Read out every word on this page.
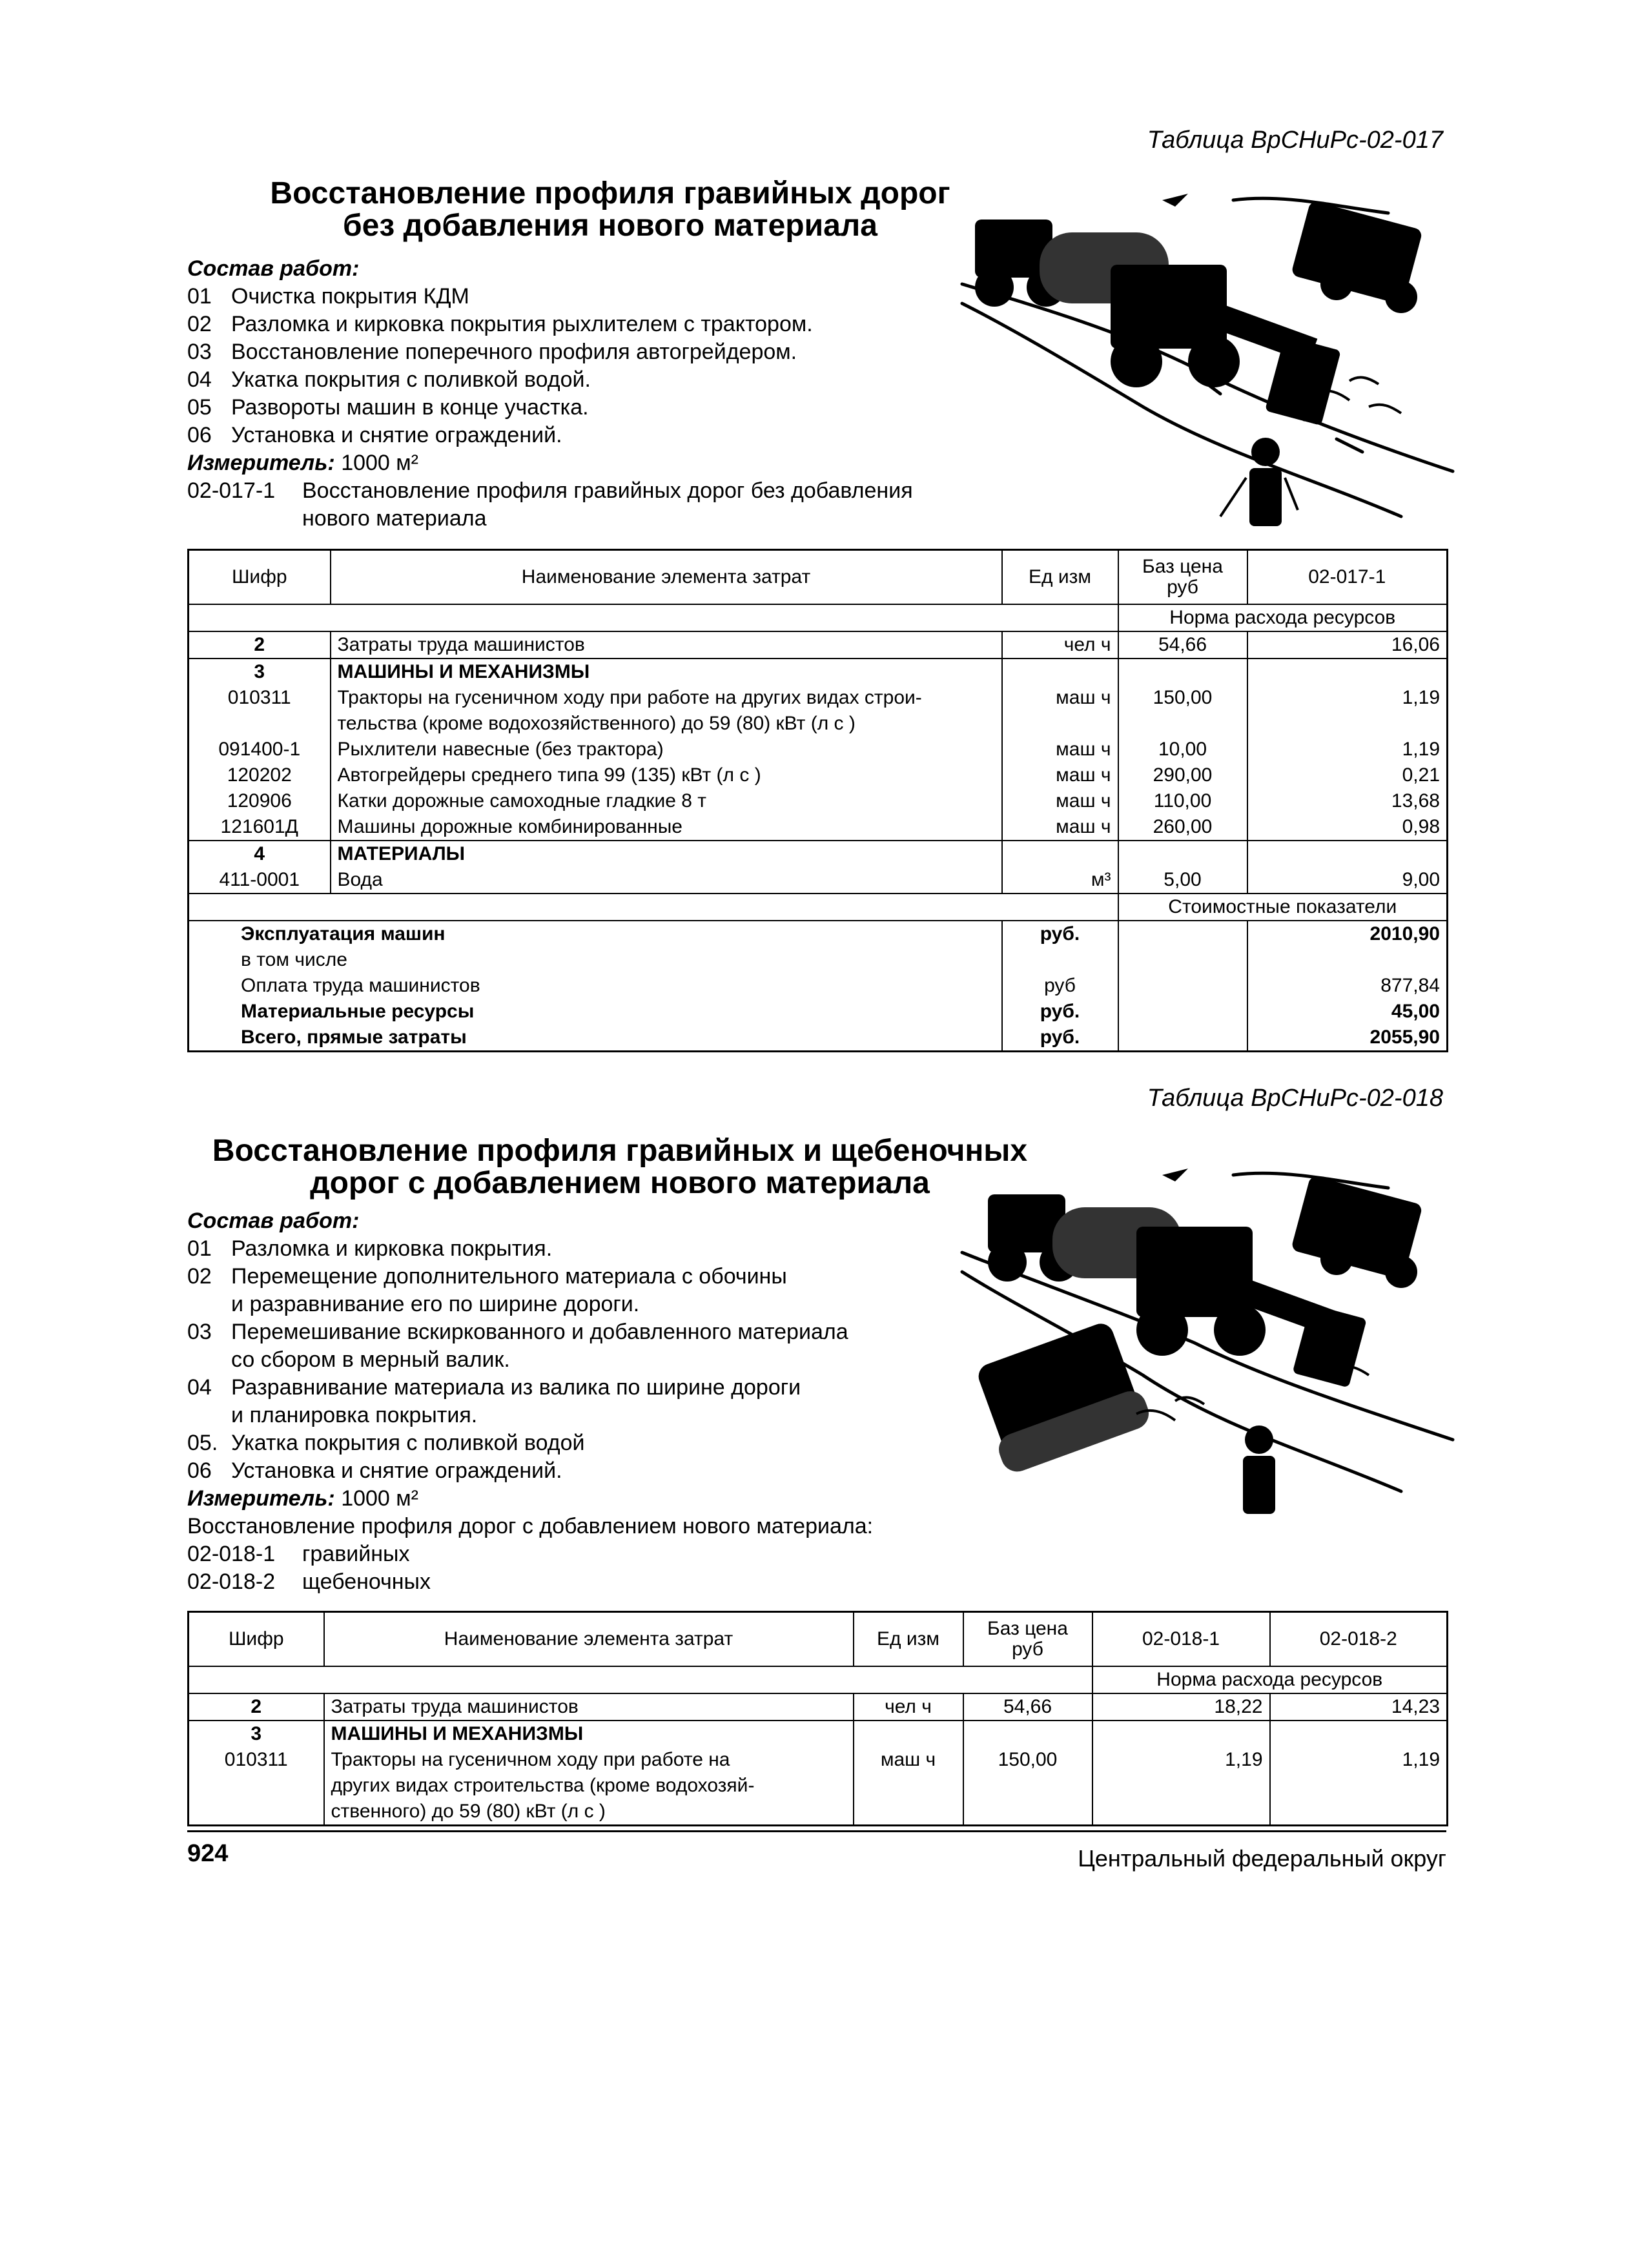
Таблица ВрСНиРс-02-017
Восстановление профиля гравийных дорог
без добавления нового материала
Состав работ:
01 Очистка покрытия КДМ
02 Разломка и кирковка покрытия рыхлителем с трактором.
03 Восстановление поперечного профиля автогрейдером.
04 Укатка покрытия с поливкой водой.
05 Развороты машин в конце участка.
06 Установка и снятие ограждений.
Измеритель: 1000 м²
02-017-1 Восстановление профиля гравийных дорог без добавления
нового материала
Шифр	Наименование элемента затрат	Ед изм	Баз цена руб	02-017-1
			Норма расхода ресурсов	
2	Затраты труда машинистов	чел ч	54,66	16,06
3	МАШИНЫ И МЕХАНИЗМЫ			
010311	Тракторы на гусеничном ходу при работе на других видах строи-	маш ч	150,00	1,19
	тельства (кроме водохозяйственного) до 59 (80) кВт (л с )			
091400-1	Рыхлители навесные (без трактора)	маш ч	10,00	1,19
120202	Автогрейдеры среднего типа 99 (135) кВт (л с )	маш ч	290,00	0,21
120906	Катки дорожные самоходные гладкие 8 т	маш ч	110,00	13,68
121601Д	Машины дорожные комбинированные	маш ч	260,00	0,98
4	МАТЕРИАЛЫ			
411-0001	Вода	м³	5,00	9,00
			Стоимостные показатели	
Эксплуатация машин		руб.		2010,90
в том числе				
Оплата труда машинистов		руб		877,84
Материальные ресурсы		руб.		45,00
Всего, прямые затраты		руб.		2055,90
Таблица ВрСНиРс-02-018
Восстановление профиля гравийных и щебеночных
дорог с добавлением нового материала
Состав работ:
01 Разломка и кирковка покрытия.
02 Перемещение дополнительного материала с обочины
и разравнивание его по ширине дороги.
03 Перемешивание вскиркованного и добавленного материала
со сбором в мерный валик.
04 Разравнивание материала из валика по ширине дороги
и планировка покрытия.
05. Укатка покрытия с поливкой водой
06 Установка и снятие ограждений.
Измеритель: 1000 м²
Восстановление профиля дорог с добавлением нового материала:
02-018-1 гравийных
02-018-2 щебеночных
Шифр	Наименование элемента затрат	Ед изм	Баз цена руб	02-018-1	02-018-2
				Норма расхода ресурсов	
2	Затраты труда машинистов	чел ч	54,66	18,22	14,23
3	МАШИНЫ И МЕХАНИЗМЫ				
010311	Тракторы на гусеничном ходу при работе на	маш ч	150,00	1,19	1,19
	других видах строительства (кроме водохозяй-				
	ственного) до 59 (80) кВт (л с )				
924	Центральный федеральный округ
